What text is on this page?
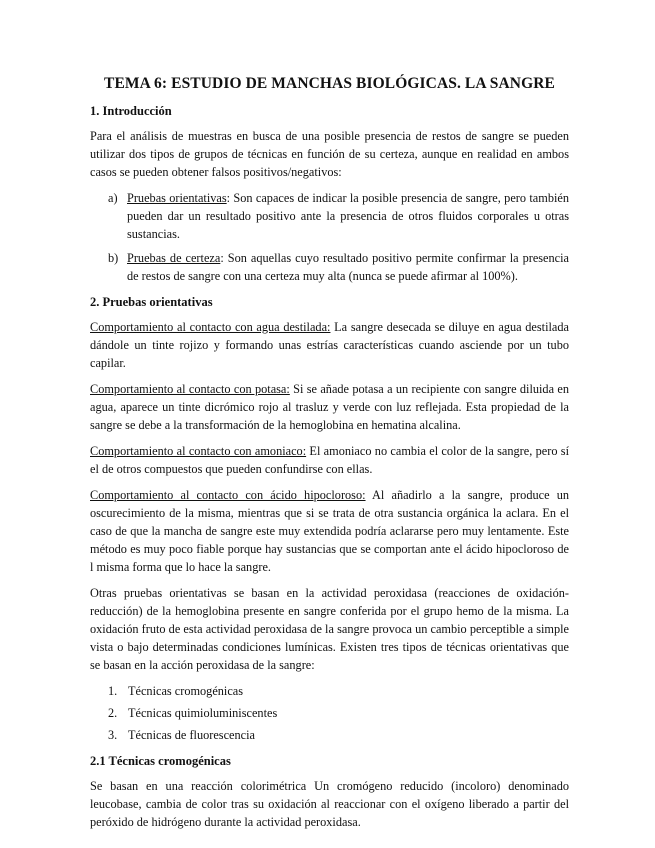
TEMA 6: ESTUDIO DE MANCHAS BIOLÓGICAS. LA SANGRE
1. Introducción

Para el análisis de muestras en busca de una posible presencia de restos de sangre se pueden utilizar dos tipos de grupos de técnicas en función de su certeza, aunque en realidad en ambos casos se pueden obtener falsos positivos/negativos:

a) Pruebas orientativas: Son capaces de indicar la posible presencia de sangre, pero también pueden dar un resultado positivo ante la presencia de otros fluidos corporales u otras sustancias.
b) Pruebas de certeza: Son aquellas cuyo resultado positivo permite confirmar la presencia de restos de sangre con una certeza muy alta (nunca se puede afirmar al 100%).
2. Pruebas orientativas

Comportamiento al contacto con agua destilada: La sangre desecada se diluye en agua destilada dándole un tinte rojizo y formando unas estrías características cuando asciende por un tubo capilar.

Comportamiento al contacto con potasa: Si se añade potasa a un recipiente con sangre diluida en agua, aparece un tinte dicrómico rojo al trasluz y verde con luz reflejada. Esta propiedad de la sangre se debe a la transformación de la hemoglobina en hematina alcalina.

Comportamiento al contacto con amoniaco: El amoniaco no cambia el color de la sangre, pero sí el de otros compuestos que pueden confundirse con ellas.

Comportamiento al contacto con ácido hipocloroso: Al añadirlo a la sangre, produce un oscurecimiento de la misma, mientras que si se trata de otra sustancia orgánica la aclara. En el caso de que la mancha de sangre este muy extendida podría aclararse pero muy lentamente. Este método es muy poco fiable porque hay sustancias que se comportan ante el ácido hipocloroso de l misma forma que lo hace la sangre.

Otras pruebas orientativas se basan en la actividad peroxidasa (reacciones de oxidación-reducción) de la hemoglobina presente en sangre conferida por el grupo hemo de la misma. La oxidación fruto de esta actividad peroxidasa de la sangre provoca un cambio perceptible a simple vista o bajo determinadas condiciones lumínicas. Existen tres tipos de técnicas orientativas que se basan en la acción peroxidasa de la sangre:

1. Técnicas cromogénicas
2. Técnicas quimioluminiscentes
3. Técnicas de fluorescencia
2.1 Técnicas cromogénicas

Se basan en una reacción colorimétrica Un cromógeno reducido (incoloro) denominado leucobase, cambia de color tras su oxidación al reaccionar con el oxígeno liberado a partir del peróxido de hidrógeno durante la actividad peroxidasa.
